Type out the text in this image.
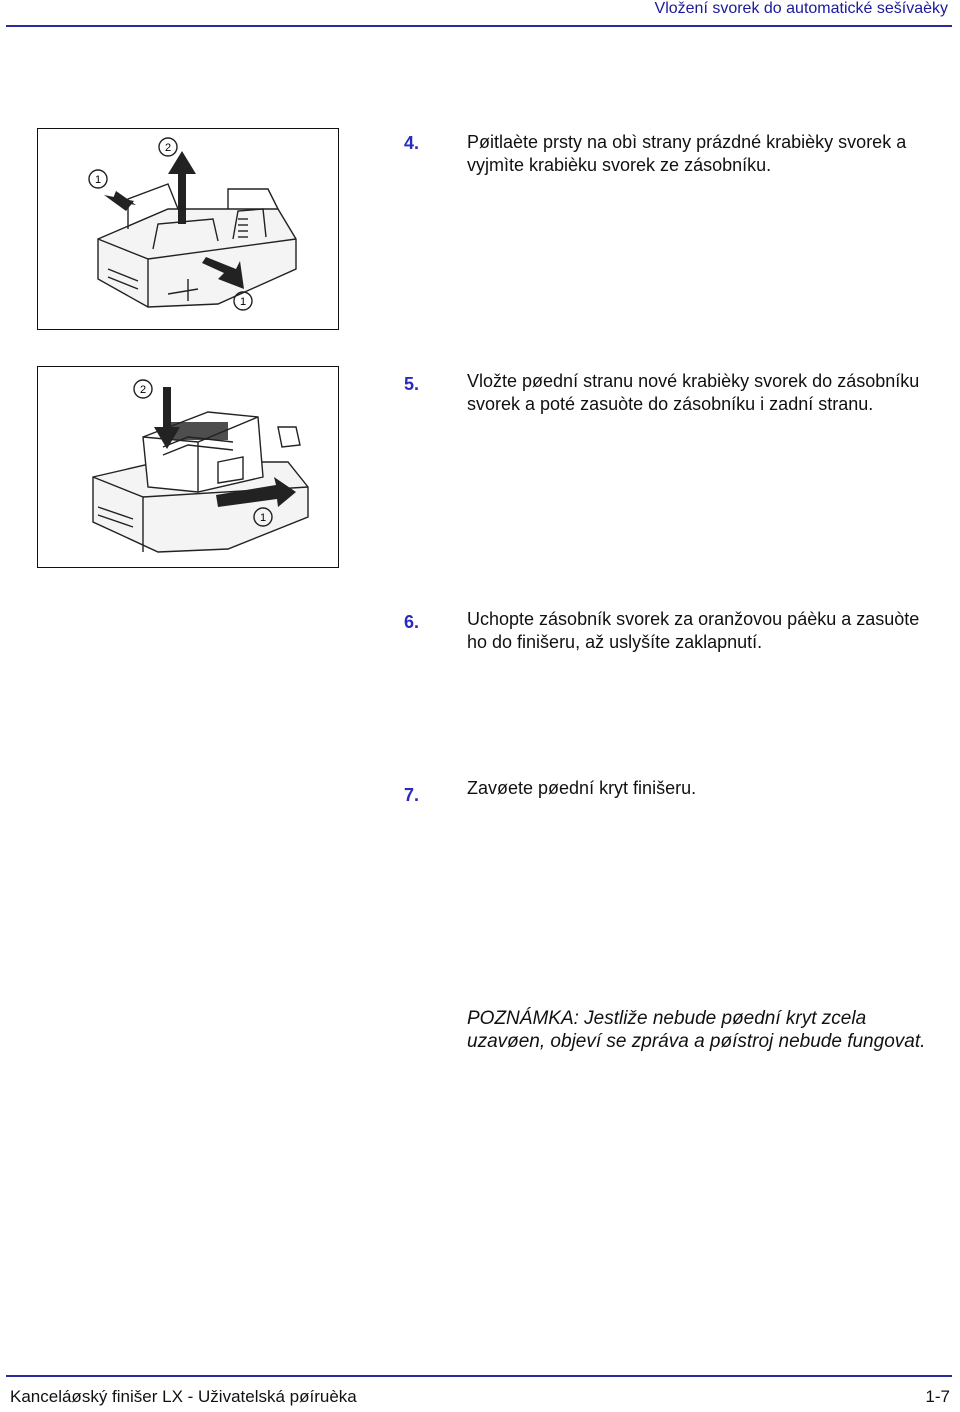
Vložení svorek do automatické sešívaèky
1
2
1
4.	Pøitlaète prsty na obì strany prázdné krabièky svorek a vyjmìte krabièku svorek ze zásobníku.
2
1
5.	Vložte pøední stranu nové krabièky svorek do zásobníku svorek a poté zasuòte do zásobníku i zadní stranu.
6.	Uchopte zásobník svorek za oranžovou páèku a zasuòte ho do finišeru, až uslyšíte zaklapnutí.
7.	Zavøete pøední kryt finišeru.
POZNÁMKA: Jestliže nebude pøední kryt zcela uzavøen, objeví se zpráva a pøístroj nebude fungovat.
Kanceláøský finišer LX - Uživatelská pøíruèka	1-7
